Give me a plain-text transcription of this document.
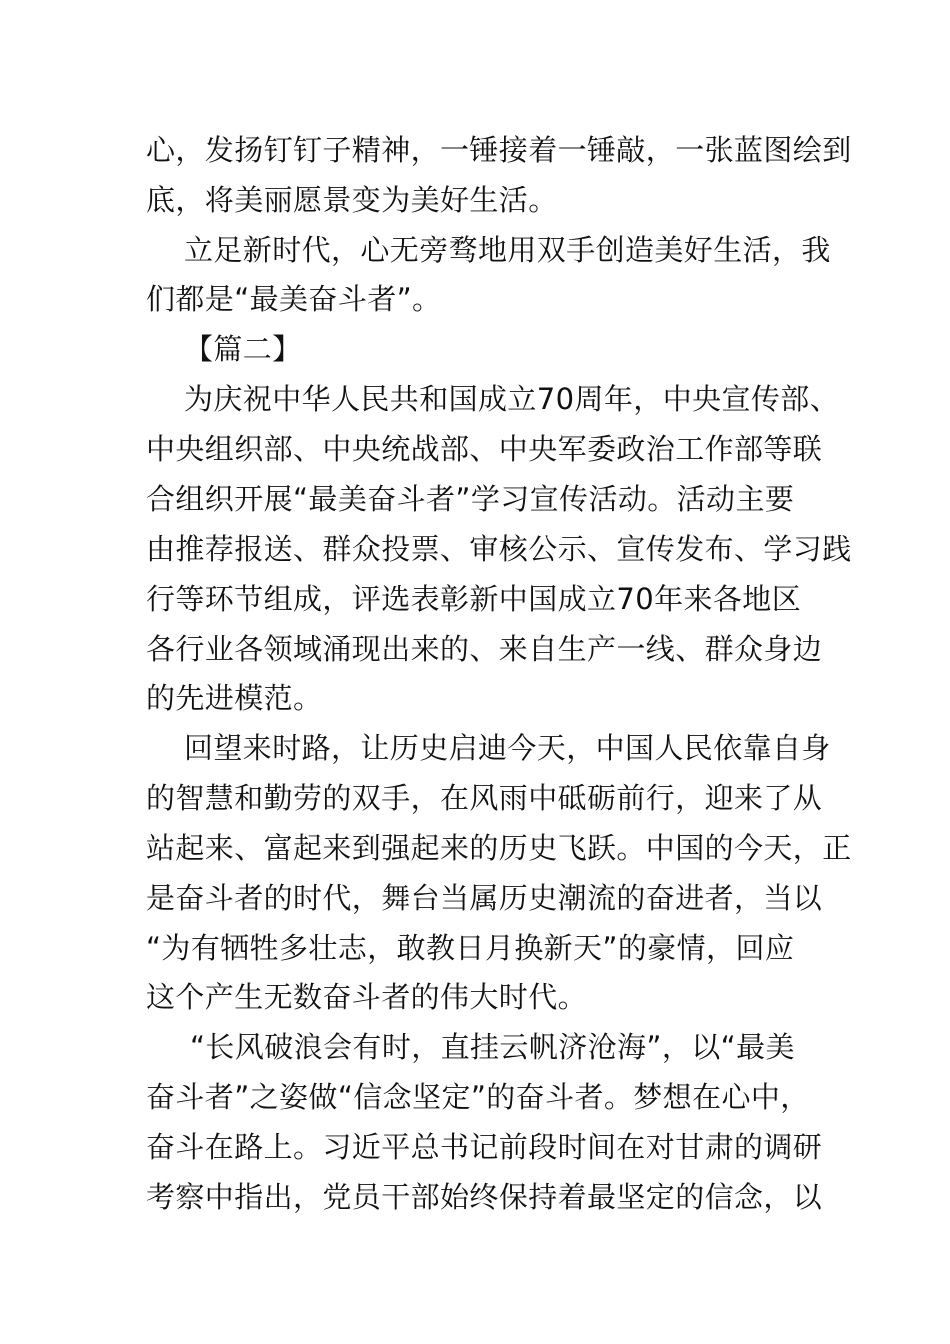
心，发扬钉钉子精神，一锤接着一锤敲，一张蓝图绘到
底，将美丽愿景变为美好生活。
立足新时代，心无旁骛地用双手创造美好生活，我
们都是“最美奋斗者”。
【篇二】
为庆祝中华人民共和国成立70周年，中央宣传部、
中央组织部、中央统战部、中央军委政治工作部等联
合组织开展“最美奋斗者”学习宣传活动。活动主要
由推荐报送、群众投票、审核公示、宣传发布、学习践
行等环节组成，评选表彰新中国成立70年来各地区
各行业各领域涌现出来的、来自生产一线、群众身边
的先进模范。
回望来时路，让历史启迪今天，中国人民依靠自身
的智慧和勤劳的双手，在风雨中砥砺前行，迎来了从
站起来、富起来到强起来的历史飞跃。中国的今天，正
是奋斗者的时代，舞台当属历史潮流的奋进者，当以
“为有牺牲多壮志，敢教日月换新天”的豪情，回应
这个产生无数奋斗者的伟大时代。
“长风破浪会有时，直挂云帆济沧海”，以“最美
奋斗者”之姿做“信念坚定”的奋斗者。梦想在心中，
奋斗在路上。习近平总书记前段时间在对甘肃的调研
考察中指出，党员干部始终保持着最坚定的信念，以
